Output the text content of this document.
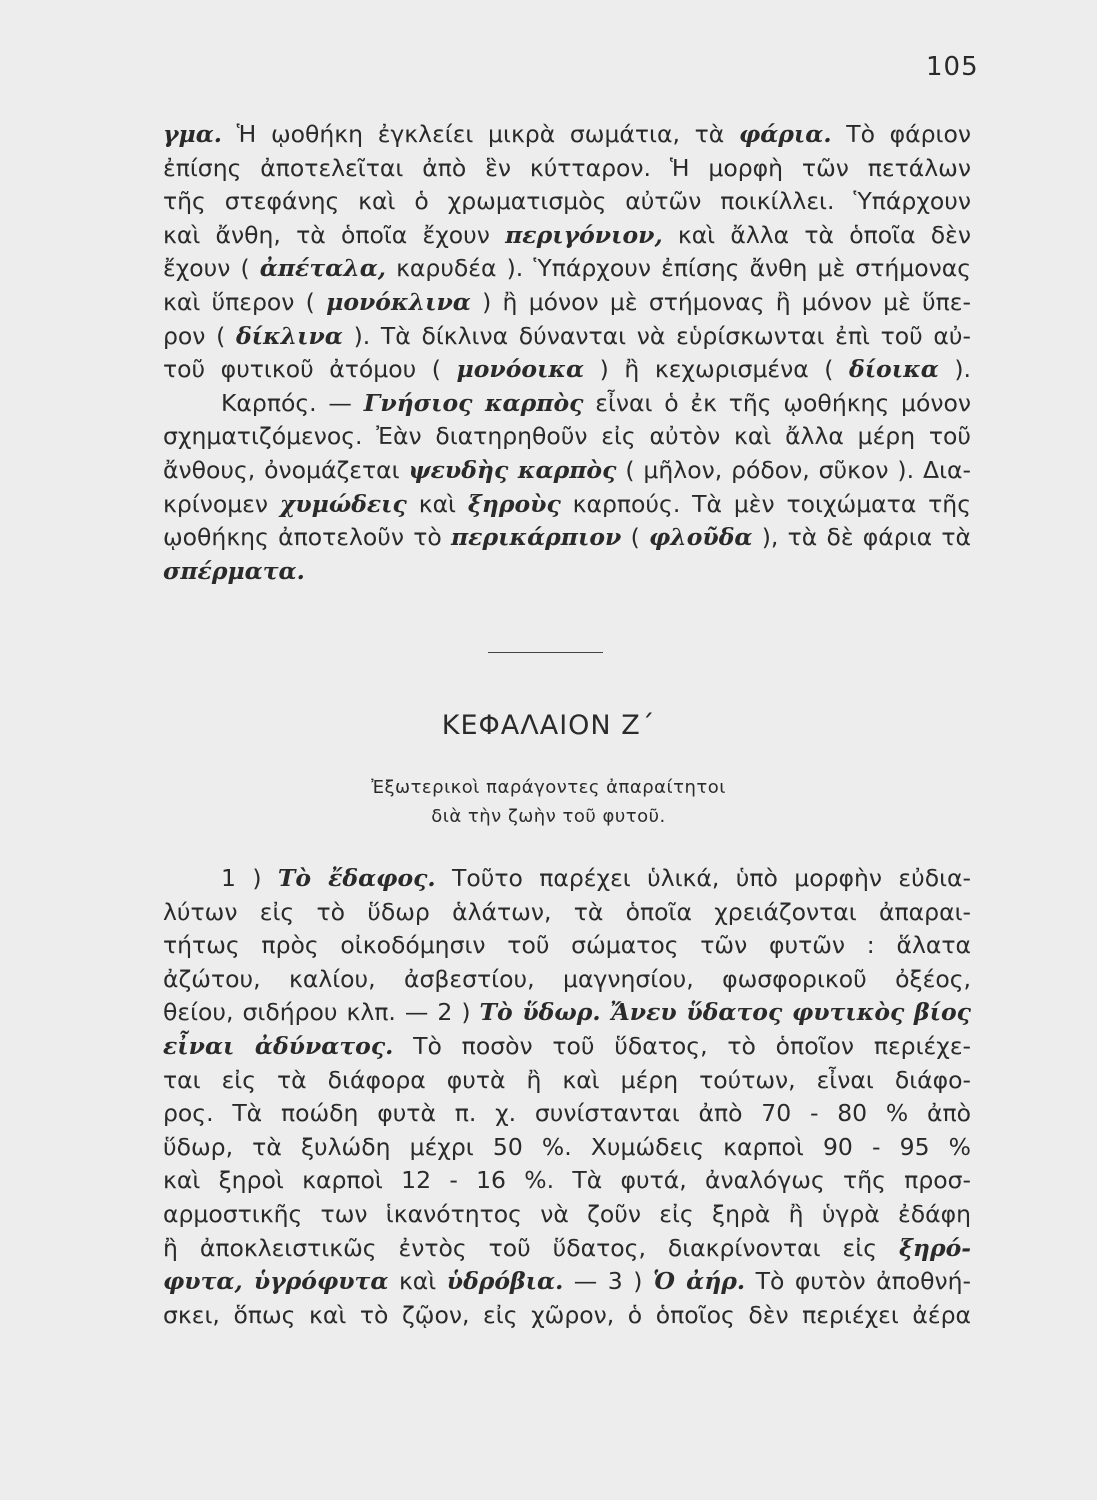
105
γμα. Ἡ ῳοθήκη ἐγκλείει μικρὰ σωμάτια, τὰ φάρια. Τὸ φάριον
ἐπίσης ἀποτελεῖται ἀπὸ ἓν κύτταρον. Ἡ μορφὴ τῶν πετάλων
τῆς στεφάνης καὶ ὁ χρωματισμὸς αὐτῶν ποικίλλει. Ὑπάρχουν
καὶ ἄνθη, τὰ ὁποῖα ἔχουν περιγόνιον, καὶ ἄλλα τὰ ὁποῖα δὲν
ἔχουν ( ἀπέταλα, καρυδέα ). Ὑπάρχουν ἐπίσης ἄνθη μὲ στήμονας
καὶ ὕπερον ( μονόκλινα ) ἢ μόνον μὲ στήμονας ἢ μόνον μὲ ὕπε-
ρον ( δίκλινα ). Τὰ δίκλινα δύνανται νὰ εὑρίσκωνται ἐπὶ τοῦ αὐ-
τοῦ φυτικοῦ ἀτόμου ( μονόοικα ) ἢ κεχωρισμένα ( δίοικα ).
Καρπός. — Γνήσιος καρπὸς εἶναι ὁ ἐκ τῆς ῳοθήκης μόνον
σχηματιζόμενος. Ἐὰν διατηρηθοῦν εἰς αὐτὸν καὶ ἄλλα μέρη τοῦ
ἄνθους, ὀνομάζεται ψευδὴς καρπὸς ( μῆλον, ρόδον, σῦκον ). Δια-
κρίνομεν χυμώδεις καὶ ξηροὺς καρπούς. Τὰ μὲν τοιχώματα τῆς
ῳοθήκης ἀποτελοῦν τὸ περικάρπιον ( φλοῦδα ), τὰ δὲ φάρια τὰ
σπέρματα.
ΚΕΦΑΛΑΙΟΝ Ζ΄
Ἐξωτερικοὶ παράγοντες ἀπαραίτητοι
διὰ τὴν ζωὴν τοῦ φυτοῦ.
1 ) Τὸ ἔδαφος. Τοῦτο παρέχει ὑλικά, ὑπὸ μορφὴν εὐδια-
λύτων εἰς τὸ ὕδωρ ἁλάτων, τὰ ὁποῖα χρειάζονται ἀπαραι-
τήτως πρὸς οἰκοδόμησιν τοῦ σώματος τῶν φυτῶν : ἅλατα
ἀζώτου, καλίου, ἀσβεστίου, μαγνησίου, φωσφορικοῦ ὀξέος,
θείου, σιδήρου κλπ. — 2 ) Τὸ ὕδωρ. Ἄνευ ὕδατος φυτικὸς βίος
εἶναι ἀδύνατος. Τὸ ποσὸν τοῦ ὕδατος, τὸ ὁποῖον περιέχε-
ται εἰς τὰ διάφορα φυτὰ ἢ καὶ μέρη τούτων, εἶναι διάφο-
ρος. Τὰ ποώδη φυτὰ π. χ. συνίστανται ἀπὸ 70 - 80 % ἀπὸ
ὕδωρ, τὰ ξυλώδη μέχρι 50 %. Χυμώδεις καρποὶ 90 - 95 %
καὶ ξηροὶ καρποὶ 12 - 16 %. Τὰ φυτά, ἀναλόγως τῆς προσ-
αρμοστικῆς των ἱκανότητος νὰ ζοῦν εἰς ξηρὰ ἢ ὑγρὰ ἐδάφη
ἢ ἀποκλειστικῶς ἐντὸς τοῦ ὕδατος, διακρίνονται εἰς ξηρό-
φυτα, ὑγρόφυτα καὶ ὑδρόβια. — 3 ) Ὁ ἀήρ. Τὸ φυτὸν ἀποθνή-
σκει, ὅπως καὶ τὸ ζῷον, εἰς χῶρον, ὁ ὁποῖος δὲν περιέχει ἀέρα
